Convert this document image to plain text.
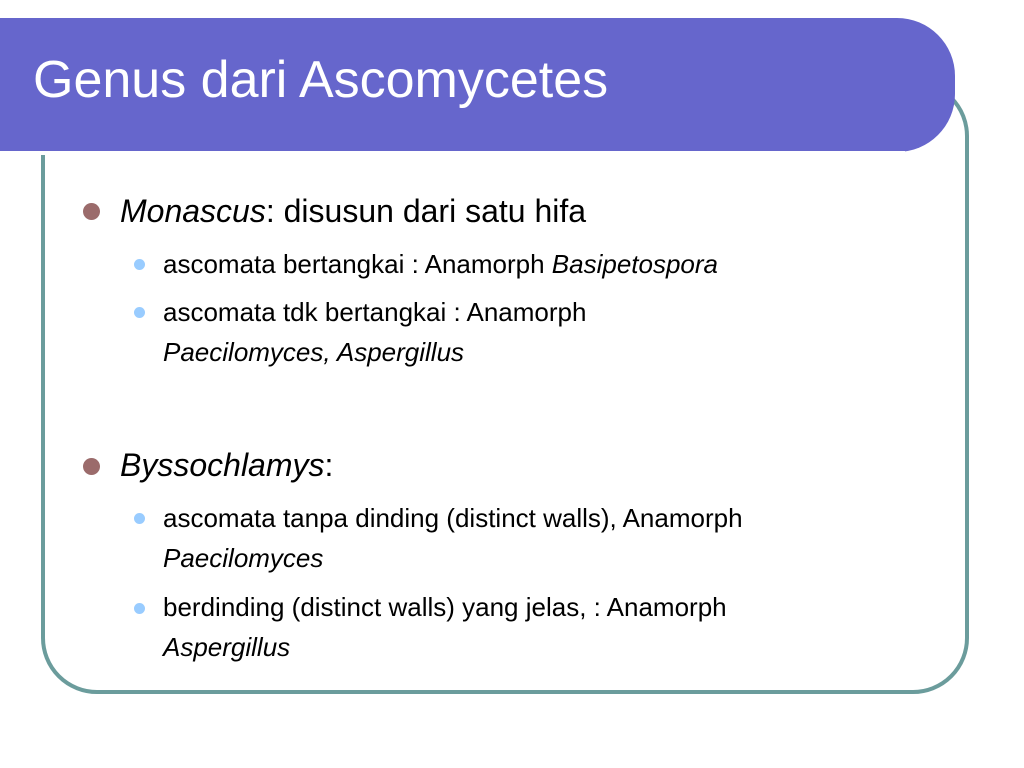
Genus dari Ascomycetes
Monascus: disusun dari satu hifa
ascomata bertangkai : Anamorph Basipetospora
ascomata tdk bertangkai : Anamorph
Paecilomyces, Aspergillus
Byssochlamys:
ascomata tanpa dinding (distinct walls), Anamorph
Paecilomyces
berdinding (distinct walls) yang jelas, : Anamorph
Aspergillus
